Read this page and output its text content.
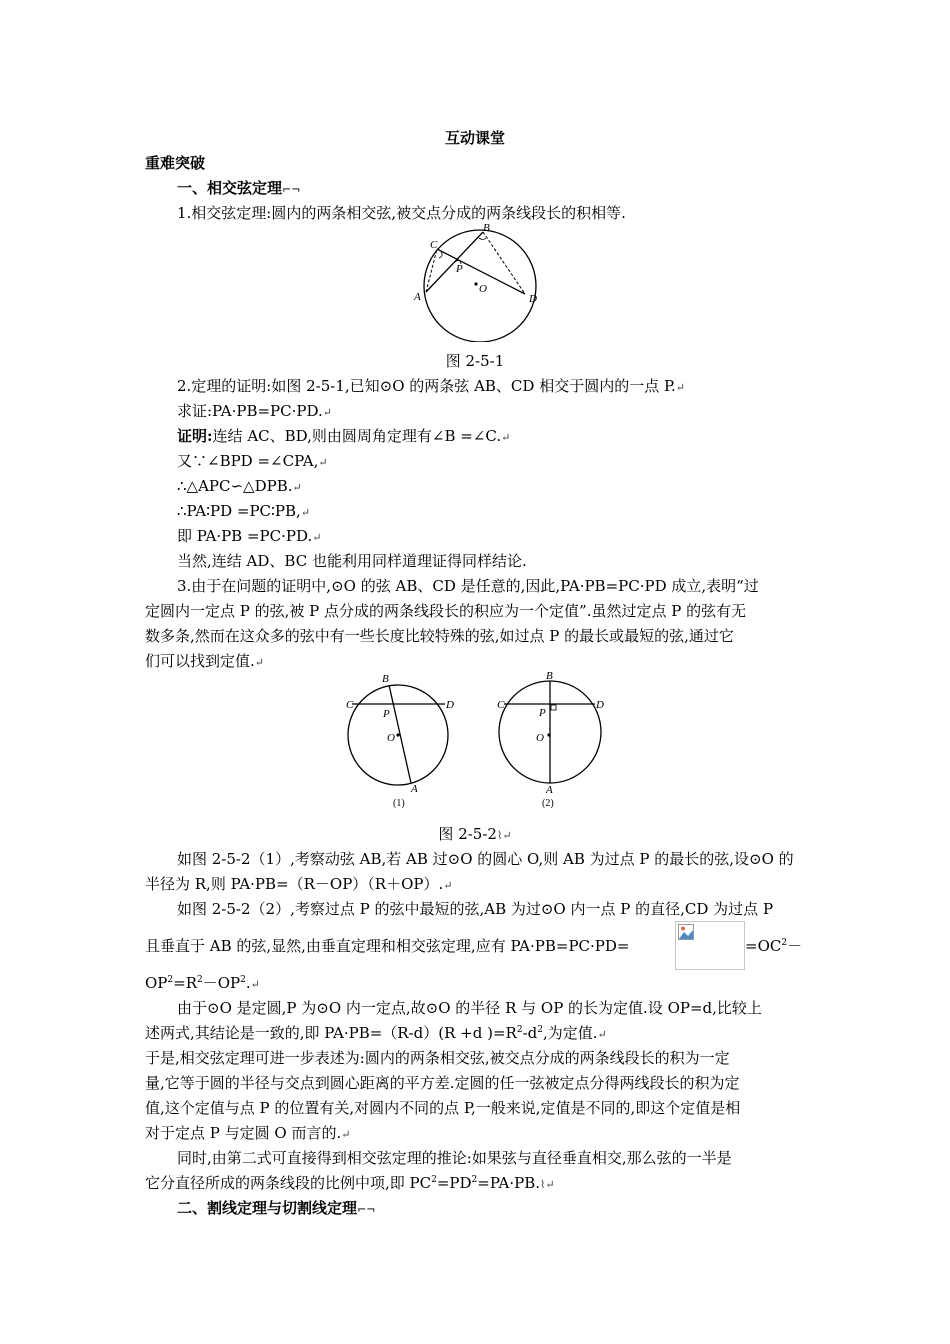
互动课堂
重难突破
一、相交弦定理⌐¬
1.相交弦定理:圆内的两条相交弦,被交点分成的两条线段长的积相等.
C
B
P
O
A	D
图 2-5-1
2.定理的证明:如图 2-5-1,已知⊙O 的两条弦 AB、CD 相交于圆内的一点 P.↵
求证:PA·PB=PC·PD.↵
证明:连结 AC、BD,则由圆周角定理有∠B =∠C.↵
又∵∠BPD =∠CPA,↵
∴△APC∽△DPB.↵
∴PA∶PD =PC∶PB,↵
即 PA·PB =PC·PD.↵
当然,连结 AD、BC 也能利用同样道理证得同样结论.
3.由于在问题的证明中,⊙O 的弦 AB、CD 是任意的,因此,PA·PB=PC·PD 成立,表明“过
定圆内一定点 P 的弦,被 P 点分成的两条线段长的积应为一个定值”.虽然过定点 P 的弦有无
数多条,然而在这众多的弦中有一些长度比较特殊的弦,如过点 P 的最长或最短的弦,通过它
们可以找到定值.↵
B
C
P
D
O
A
(1)
B
C
P
D
O
A
(2)
图 2-5-2⌇↵
如图 2-5-2（1）,考察动弦 AB,若 AB 过⊙O 的圆心 O,则 AB 为过点 P 的最长的弦,设⊙O 的
半径为 R,则 PA·PB=（R－OP）（R＋OP）.↵
如图 2-5-2（2）,考察过点 P 的弦中最短的弦,AB 为过⊙O 内一点 P 的直径,CD 为过点 P
且垂直于 AB 的弦,显然,由垂直定理和相交弦定理,应有 PA·PB=PC·PD=	$=OC^2-$
$OP^2=R^2-OP^2.↵$
由于⊙O 是定圆,P 为⊙O 内一定点,故⊙O 的半径 R 与 OP 的长为定值.设 OP=d,比较上
述两式,其结论是一致的,即 PA·PB=（R-d）(R +d )$=R^2-d^2$,为定值.↵
于是,相交弦定理可进一步表述为:圆内的两条相交弦,被交点分成的两条线段长的积为一定
量,它等于圆的半径与交点到圆心距离的平方差.定圆的任一弦被定点分得两线段长的积为定
值,这个定值与点 P 的位置有关,对圆内不同的点 P,一般来说,定值是不同的,即这个定值是相
对于定点 P 与定圆 O 而言的.↵
同时,由第二式可直接得到相交弦定理的推论:如果弦与直径垂直相交,那么弦的一半是
它分直径所成的两条线段的比例中项,即 $PC^2=PD^2=PA\cdot PB.⌇↵$
二、割线定理与切割线定理⌐¬
